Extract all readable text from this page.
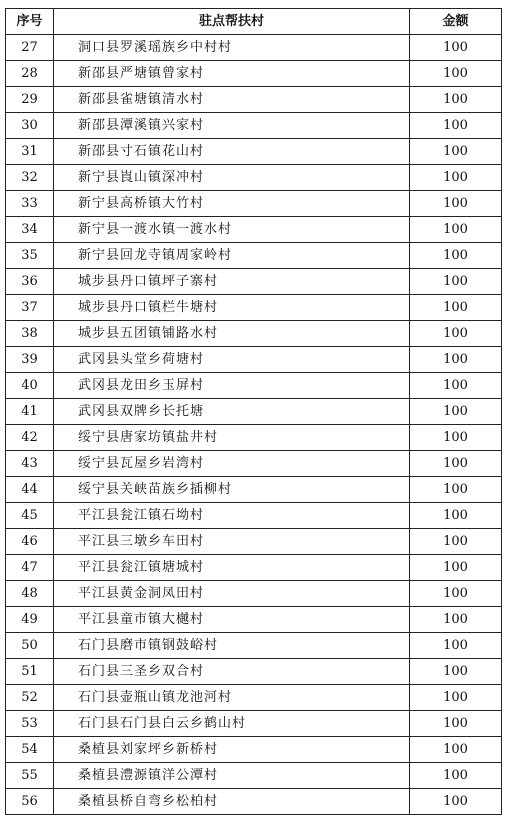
序号	驻点帮扶村	金额
27	洞口县罗溪瑶族乡中村村	100
28	新邵县严塘镇曾家村	100
29	新邵县雀塘镇清水村	100
30	新邵县潭溪镇兴家村	100
31	新邵县寸石镇花山村	100
32	新宁县崀山镇深冲村	100
33	新宁县高桥镇大竹村	100
34	新宁县一渡水镇一渡水村	100
35	新宁县回龙寺镇周家岭村	100
36	城步县丹口镇坪子寨村	100
37	城步县丹口镇栏牛塘村	100
38	城步县五团镇铺路水村	100
39	武冈县头堂乡荷塘村	100
40	武冈县龙田乡玉屏村	100
41	武冈县双牌乡长托塘	100
42	绥宁县唐家坊镇盐井村	100
43	绥宁县瓦屋乡岩湾村	100
44	绥宁县关峡苗族乡插柳村	100
45	平江县瓮江镇石坳村	100
46	平江县三墩乡车田村	100
47	平江县瓮江镇塘城村	100
48	平江县黄金洞凤田村	100
49	平江县童市镇大樾村	100
50	石门县磨市镇钢鼓峪村	100
51	石门县三圣乡双合村	100
52	石门县壶瓶山镇龙池河村	100
53	石门县石门县白云乡鹤山村	100
54	桑植县刘家坪乡新桥村	100
55	桑植县澧源镇洋公潭村	100
56	桑植县桥自弯乡松柏村	100
